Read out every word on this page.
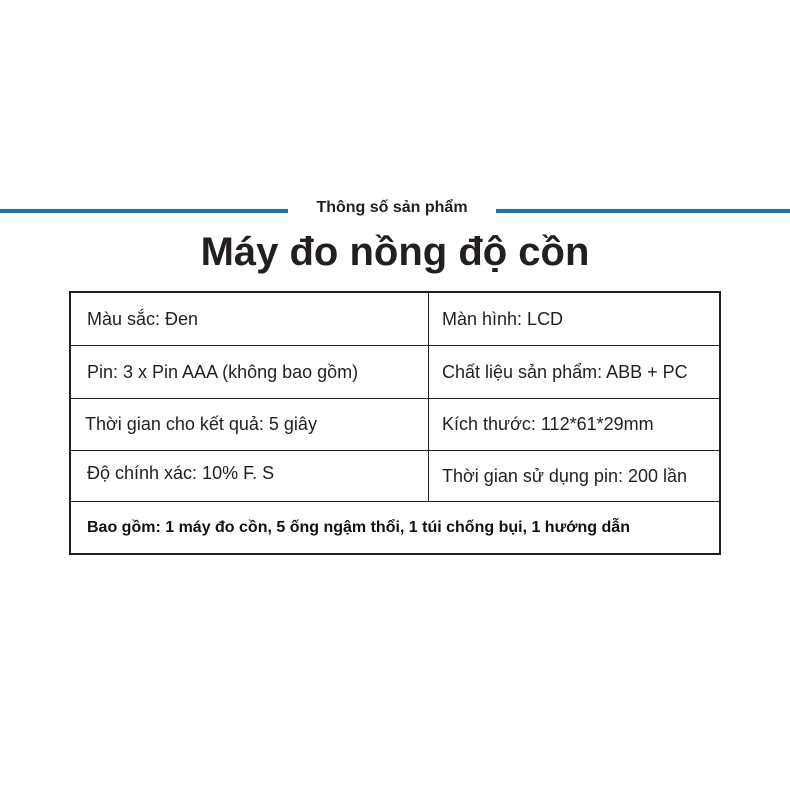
Thông số sản phẩm
Máy đo nồng độ cồn
Màu sắc: Đen	Màn hình: LCD
Pin: 3 x Pin AAA (không bao gồm)	Chất liệu sản phẩm: ABB + PC
Thời gian cho kết quả: 5 giây	Kích thước: 112*61*29mm
Độ chính xác: 10% F. S	Thời gian sử dụng pin: 200 lần
Bao gồm: 1 máy đo cồn, 5 ống ngậm thổi, 1 túi chống bụi, 1 hướng dẫn
